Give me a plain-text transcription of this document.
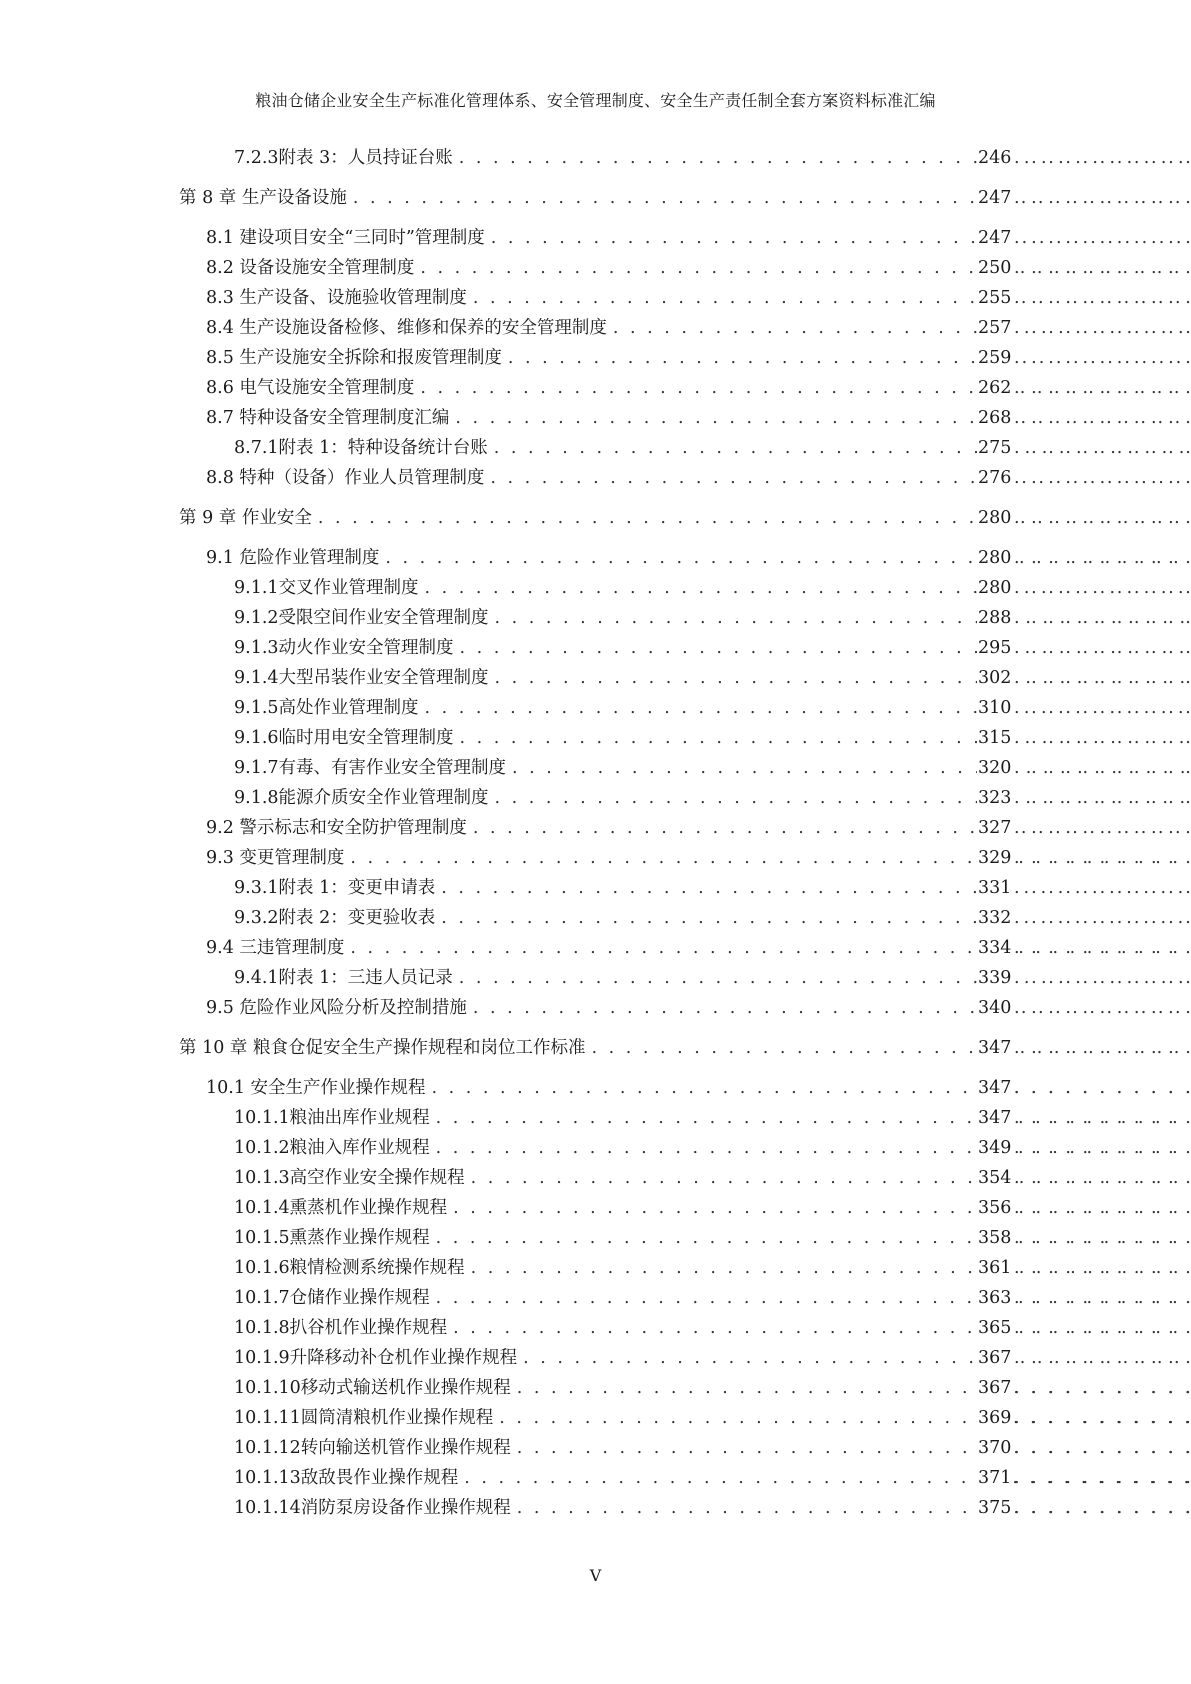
粮油仓储企业安全生产标准化管理体系、安全管理制度、安全生产责任制全套方案资料标准汇编
7.2.3附表 3：人员持证台账 . . .	246
. . .
第 8 章 生产设备设施 . . .	247
. . .
8.1 建设项目安全“三同时”管理制度 . . .	247
. . .
8.2 设备设施安全管理制度 . . .	250
. . .
8.3 生产设备、设施验收管理制度 . . .	255
. . .
8.4 生产设施设备检修、维修和保养的安全管理制度 . . .	257
. . .
8.5 生产设施安全拆除和报废管理制度 . . .	259
. . .
8.6 电气设施安全管理制度 . . .	262
. . .
8.7 特种设备安全管理制度汇编 . . .	268
. . .
8.7.1附表 1：特种设备统计台账 . . .	275
. . .
8.8 特种（设备）作业人员管理制度 . . .	276
. . .
第 9 章 作业安全 . . .	280
. . .
9.1 危险作业管理制度 . . .	280
. . .
9.1.1交叉作业管理制度 . . .	280
. . .
9.1.2受限空间作业安全管理制度 . . .	288
. . .
9.1.3动火作业安全管理制度 . . .	295
. . .
9.1.4大型吊装作业安全管理制度 . . .	302
. . .
9.1.5高处作业管理制度 . . .	310
. . .
9.1.6临时用电安全管理制度 . . .	315
. . .
9.1.7有毒、有害作业安全管理制度 . . .	320
. . .
9.1.8能源介质安全作业管理制度 . . .	323
. . .
9.2 警示标志和安全防护管理制度 . . .	327
. . .
9.3 变更管理制度 . . .	329
. . .
9.3.1附表 1：变更申请表 . . .	331
. . .
9.3.2附表 2：变更验收表 . . .	332
. . .
9.4 三违管理制度 . . .	334
. . .
9.4.1附表 1：三违人员记录 . . .	339
. . .
9.5 危险作业风险分析及控制措施 . . .	340
. . .
第 10 章 粮食仓促安全生产操作规程和岗位工作标准 . . .	347
. . .
10.1 安全生产作业操作规程 . . .	347
. . .
10.1.1粮油出库作业规程 . . .	347
. . .
10.1.2粮油入库作业规程 . . .	349
. . .
10.1.3高空作业安全操作规程 . . .	354
. . .
10.1.4熏蒸机作业操作规程 . . .	356
. . .
10.1.5熏蒸作业操作规程 . . .	358
. . .
10.1.6粮情检测系统操作规程 . . .	361
. . .
10.1.7仓储作业操作规程 . . .	363
. . .
10.1.8扒谷机作业操作规程 . . .	365
. . .
10.1.9升降移动补仓机作业操作规程 . . .	367
. . .
10.1.10移动式输送机作业操作规程 . . .	367
. . .
10.1.11圆筒清粮机作业操作规程 . . .	369
. . .
10.1.12转向输送机管作业操作规程 . . .	370
. . .
10.1.13敌敌畏作业操作规程 . . .	371
. . .
10.1.14消防泵房设备作业操作规程 . . .	375
. . .
V
